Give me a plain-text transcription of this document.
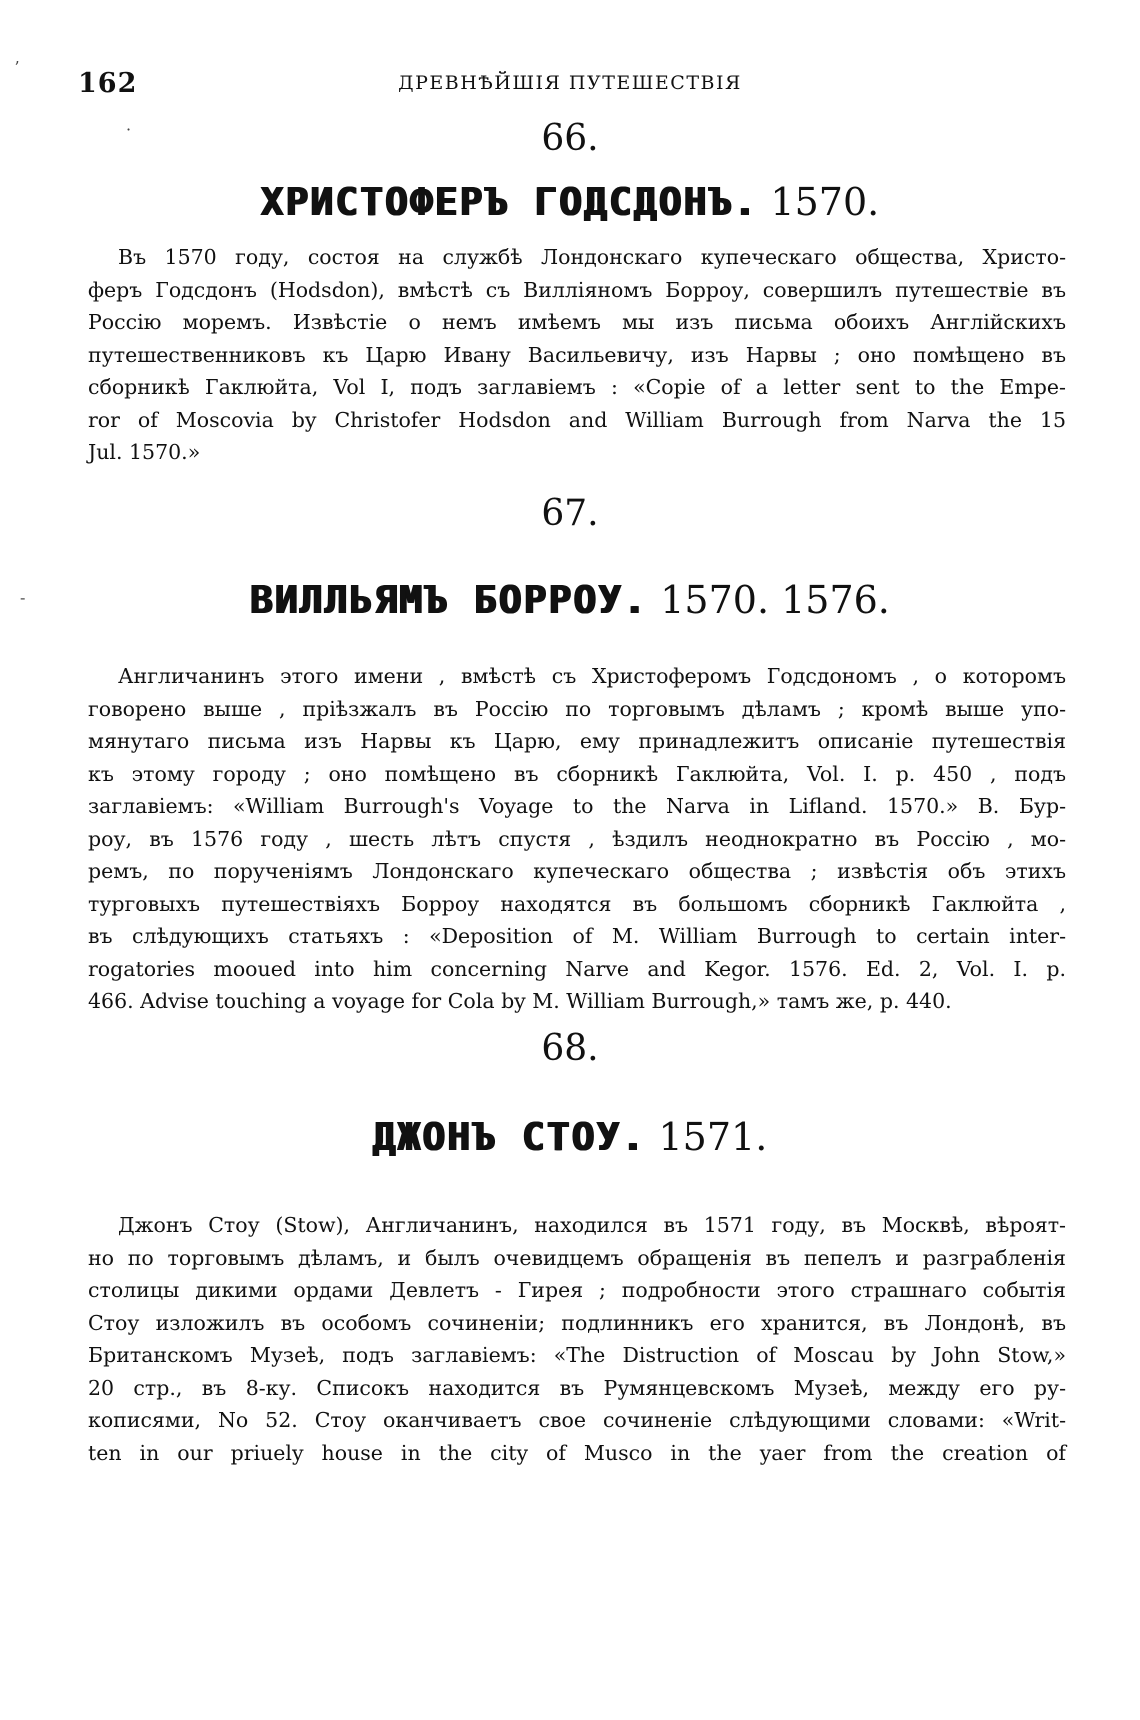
162	ДРЕВНѢЙШІЯ ПУТЕШЕСТВІЯ
66.
ХРИСТОФЕРЪ ГОДСДОНЪ. 1570.

Въ 1570 году, состоя на службѣ Лондонскаго купеческаго общества, Христо-

феръ Годсдонъ (Hodsdon), вмѣстѣ съ Вилліяномъ Борроу, совершилъ путешествіе въ

Россію моремъ. Извѣстіе о немъ имѣемъ мы изъ письма обоихъ Англійскихъ

путешественниковъ къ Царю Ивану Васильевичу, изъ Нарвы ; оно помѣщено въ

сборникѣ Гаклюйта, Vol I, подъ заглавіемъ : «Copie of a letter sent to the Empe-

ror of Moscovia by Christofer Hodsdon and William Burrough from Narva the 15

Jul. 1570.»

67.
ВИЛЛЬЯМЪ БОРРОУ. 1570. 1576.

Англичанинъ этого имени , вмѣстѣ съ Христоферомъ Годсдономъ , о которомъ

говорено выше , пріѣзжалъ въ Россію по торговымъ дѣламъ ; кромѣ выше упо-

мянутаго письма изъ Нарвы къ Царю, ему принадлежитъ описаніе путешествія

къ этому городу ; оно помѣщено въ сборникѣ Гаклюйта, Vol. I. p. 450 , подъ

заглавіемъ: «William Burrough's Voyage to the Narva in Lifland. 1570.» В. Бур-

роу, въ 1576 году , шесть лѣтъ спустя , ѣздилъ неоднократно въ Россію , мо-

ремъ, по порученіямъ Лондонскаго купеческаго общества ; извѣстія объ этихъ

турговыхъ путешествіяхъ Борроу находятся въ большомъ сборникѣ Гаклюйта ,

въ слѣдующихъ статьяхъ : «Deposition of M. William Burrough to certain inter-

rogatories mooued into him concerning Narve and Kegor. 1576. Ed. 2, Vol. I. p.

466. Advise touching a voyage for Cola by M. William Burrough,» тамъ же, p. 440.

68.
ДЖОНЪ СТОУ. 1571.

Джонъ Стоу (Stow), Англичанинъ, находился въ 1571 году, въ Москвѣ, вѣроят-

но по торговымъ дѣламъ, и былъ очевидцемъ обращенія въ пепелъ и разграбленія

столицы дикими ордами Девлетъ - Гирея ; подробности этого страшнаго событія

Стоу изложилъ въ особомъ сочиненіи; подлинникъ его хранится, въ Лондонѣ, въ

Британскомъ Музеѣ, подъ заглавіемъ: «The Distruction of Moscau by John Stow,»

20 стр., въ 8-ку. Списокъ находится въ Румянцевскомъ Музеѣ, между его ру-

кописями, No 52. Стоу оканчиваетъ свое сочиненіе слѣдующими словами: «Writ-

ten in our priuely house in the city of Musco in the yaer from the creation of

ʼ
-
·
